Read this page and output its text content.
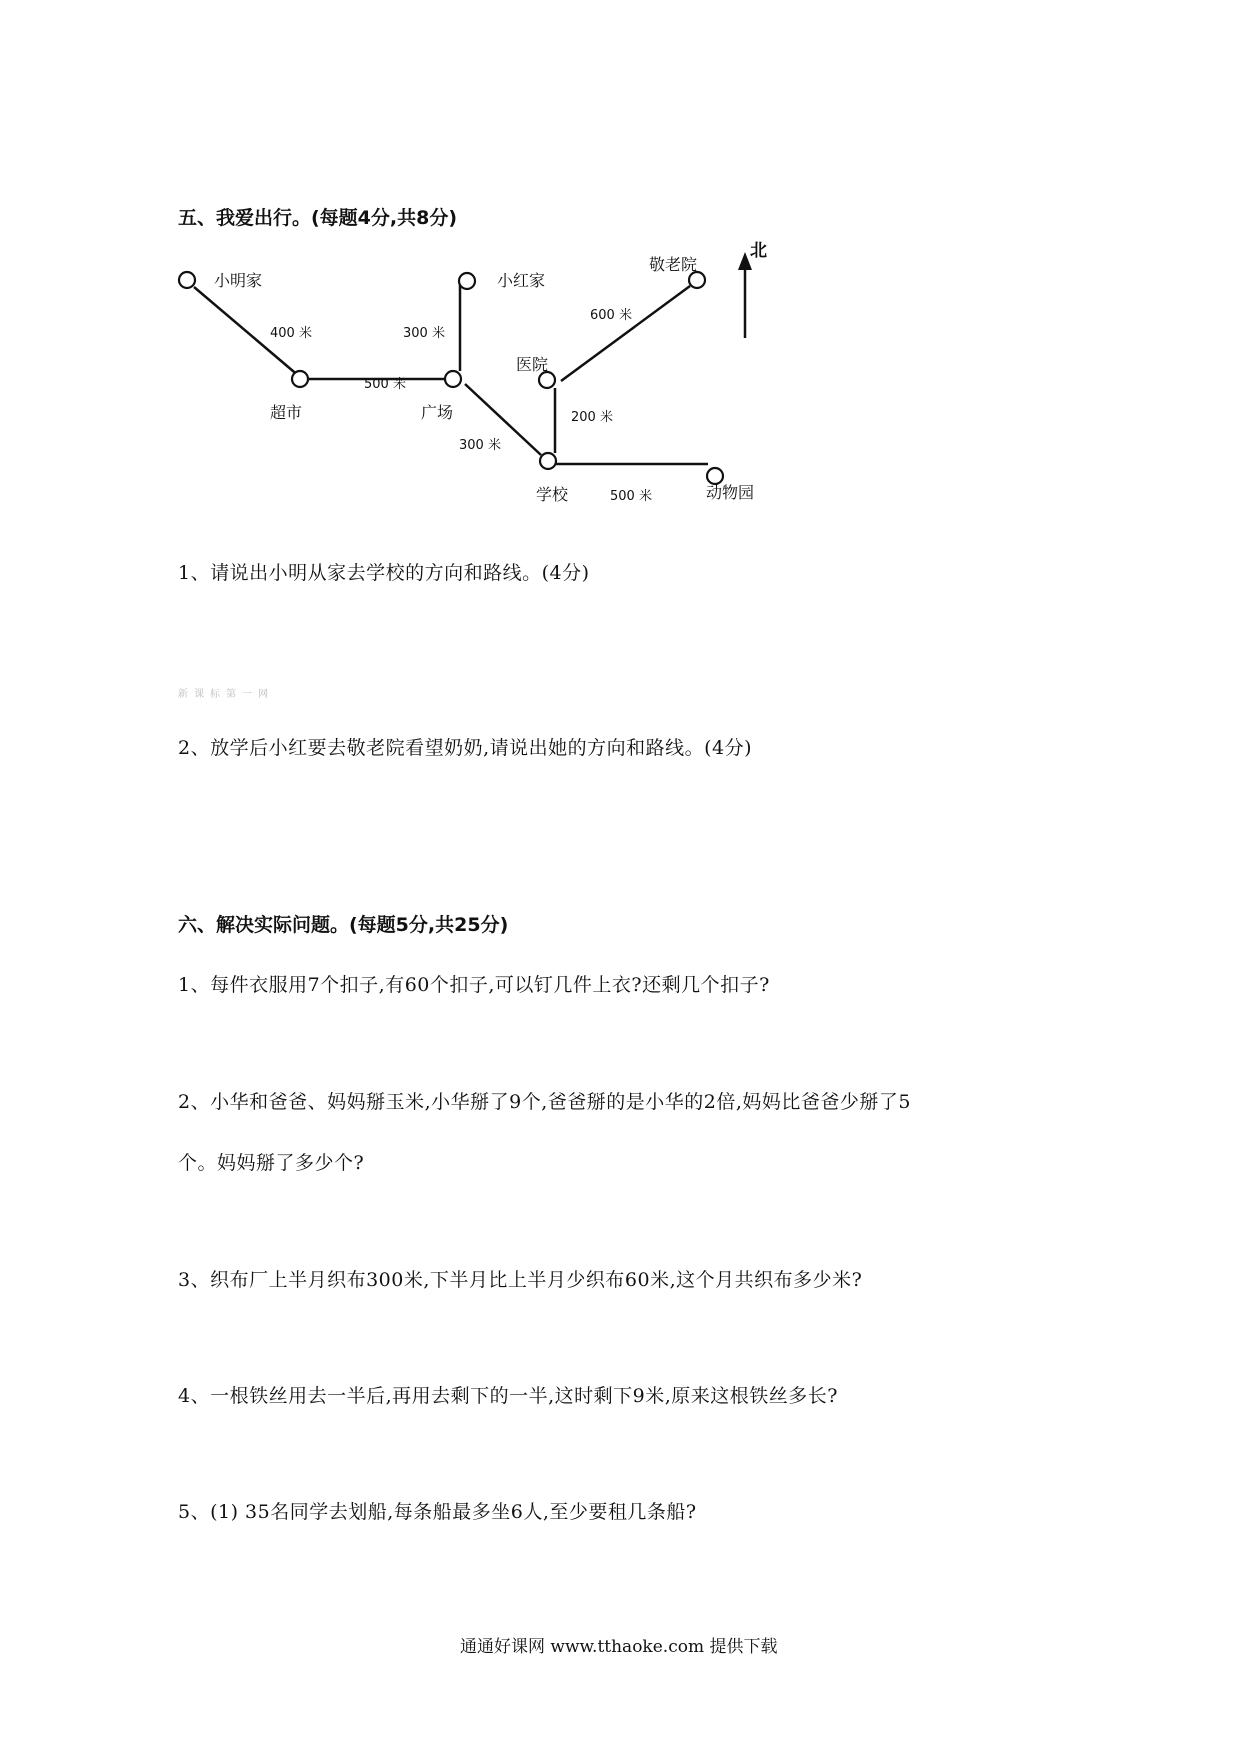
五、我爱出行。(每题4分,共8分)
北
小明家
超市	广场
小红家
医院
敬老院
学校	动物园
400 米
500 米
300 米
300 米
600 米
200 米
500 米
1、请说出小明从家去学校的方向和路线。(4分)
新课标第一网
2、放学后小红要去敬老院看望奶奶,请说出她的方向和路线。(4分)
六、解决实际问题。(每题5分,共25分)
1、每件衣服用7个扣子,有60个扣子,可以钉几件上衣?还剩几个扣子?
2、小华和爸爸、妈妈掰玉米,小华掰了9个,爸爸掰的是小华的2倍,妈妈比爸爸少掰了5
个。妈妈掰了多少个?
3、织布厂上半月织布300米,下半月比上半月少织布60米,这个月共织布多少米?
4、一根铁丝用去一半后,再用去剩下的一半,这时剩下9米,原来这根铁丝多长?
5、(1) 35名同学去划船,每条船最多坐6人,至少要租几条船?
通通好课网 www.tthaoke.com 提供下载
